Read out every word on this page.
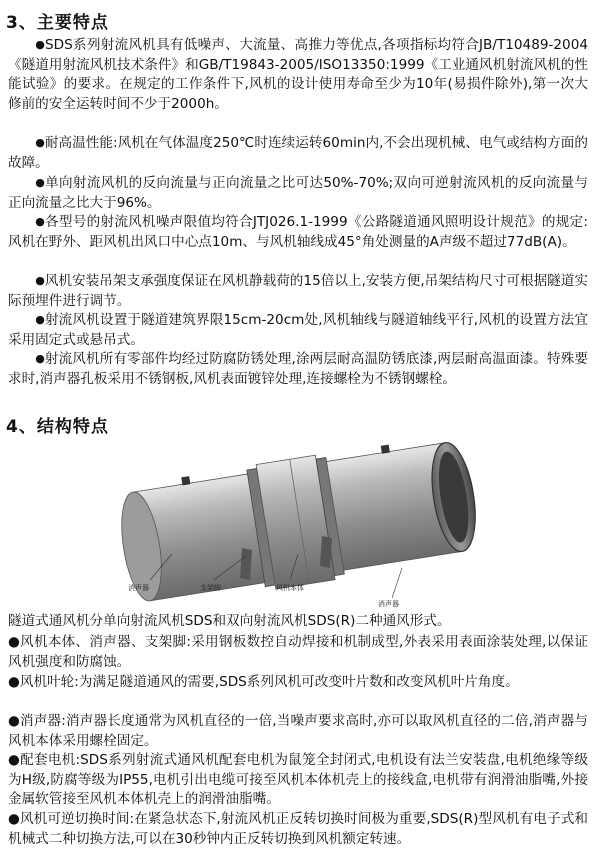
3、主要特点

● SDS系列射流风机具有低噪声、大流量、高推力等优点,各项指标均符合JB/T10489-2004《隧道用射流风机技术条件》和GB/T19843-2005/ISO13350:1999《工业通风机射流风机的性能试验》的要求。在规定的工作条件下,风机的设计使用寿命至少为10年(易损件除外),第一次大修前的安全运转时间不少于2000h。

● 耐高温性能:风机在气体温度250℃时连续运转60min内,不会出现机械、电气或结构方面的故障。

● 单向射流风机的反向流量与正向流量之比可达50%-70%;双向可逆射流风机的反向流量与正向流量之比大于96%。

● 各型号的射流风机噪声限值均符合JTJ026.1-1999《公路隧道通风照明设计规范》的规定:风机在野外、距风机出风口中心点10m、与风机轴线成45°角处测量的A声级不超过77dB(A)。

● 风机安装吊架支承强度保证在风机静载荷的15倍以上,安装方便,吊架结构尺寸可根据隧道实际预埋件进行调节。

● 射流风机设置于隧道建筑界限15cm-20cm处,风机轴线与隧道轴线平行,风机的设置方法宜采用固定式或悬吊式。

● 射流风机所有零部件均经过防腐防锈处理,涂两层耐高温防锈底漆,两层耐高温面漆。特殊要求时,消声器孔板采用不锈钢板,风机表面镀锌处理,连接螺栓为不锈钢螺栓。

4、结构特点
消声器	支架脚	风机本体
消声器

隧道式通风机分单向射流风机SDS和双向射流风机SDS(R)二种通风形式。

●风机本体、消声器、支架脚:采用钢板数控自动焊接和机制成型,外表采用表面涂装处理,以保证风机强度和防腐蚀。

●风机叶轮:为满足隧道通风的需要,SDS系列风机可改变叶片数和改变风机叶片角度。

●消声器:消声器长度通常为风机直径的一倍,当噪声要求高时,亦可以取风机直径的二倍,消声器与风机本体采用螺栓固定。

●配套电机:SDS系列射流式通风机配套电机为鼠笼全封闭式,电机设有法兰安装盘,电机绝缘等级为H级,防腐等级为IP55,电机引出电缆可接至风机本体机壳上的接线盒,电机带有润滑油脂嘴,外接金属软管接至风机本体机壳上的润滑油脂嘴。

●风机可逆切换时间:在紧急状态下,射流风机正反转切换时间极为重要,SDS(R)型风机有电子式和机械式二种切换方法,可以在30秒钟内正反转切换到风机额定转速。
